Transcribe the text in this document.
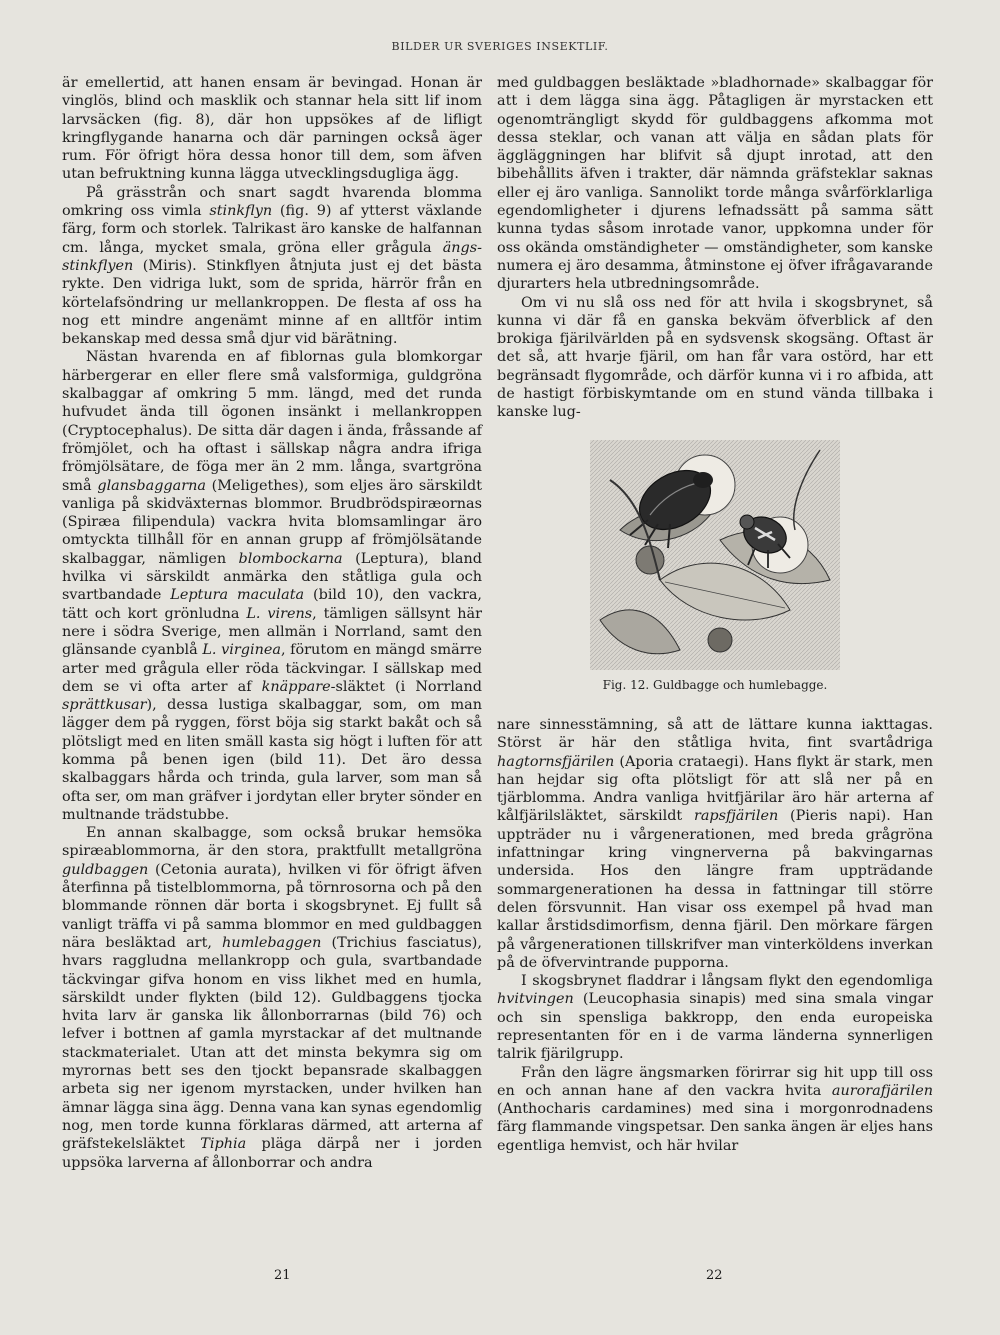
BILDER UR SVERIGES INSEKTLIF.

är emellertid, att hanen ensam är bevingad. Honan är vinglös, blind och masklik och stannar hela sitt lif inom larvsäcken (fig. 8), där hon uppsökes af de lifligt kringflygande hanarna och där parningen också äger rum. För öfrigt höra dessa honor till dem, som äfven utan befruktning kunna lägga utvecklingsdugliga ägg.

På grässtrån och snart sagdt hvarenda blomma omkring oss vimla stinkflyn (fig. 9) af ytterst växlande färg, form och storlek. Talrikast äro kanske de halfannan cm. långa, mycket smala, gröna eller grågula ängs-stinkflyen (Miris). Stinkflyen åtnjuta just ej det bästa rykte. Den vidriga lukt, som de sprida, härrör från en körtelafsöndring ur mellankroppen. De flesta af oss ha nog ett mindre angenämt minne af en alltför intim bekanskap med dessa små djur vid bärätning.

Nästan hvarenda en af fiblornas gula blomkorgar härbergerar en eller flere små valsformiga, guldgröna skalbaggar af omkring 5 mm. längd, med det runda hufvudet ända till ögonen insänkt i mellankroppen (Cryptocephalus). De sitta där dagen i ända, fråssande af frömjölet, och ha oftast i sällskap några andra ifriga frömjölsätare, de föga mer än 2 mm. långa, svartgröna små glansbaggarna (Meligethes), som eljes äro särskildt vanliga på skidväxternas blommor. Brudbrödspiræornas (Spiræa filipendula) vackra hvita blomsamlingar äro omtyckta tillhåll för en annan grupp af frömjölsätande skalbaggar, nämligen blombockarna (Leptura), bland hvilka vi särskildt anmärka den ståtliga gula och svartbandade Leptura maculata (bild 10), den vackra, tätt och kort grönludna L. virens, tämligen sällsynt här nere i södra Sverige, men allmän i Norrland, samt den glänsande cyanblå L. virginea, förutom en mängd smärre arter med grågula eller röda täckvingar. I sällskap med dem se vi ofta arter af knäppare-släktet (i Norrland sprättkusar), dessa lustiga skalbaggar, som, om man lägger dem på ryggen, först böja sig starkt bakåt och så plötsligt med en liten smäll kasta sig högt i luften för att komma på benen igen (bild 11). Det äro dessa skalbaggars hårda och trinda, gula larver, som man så ofta ser, om man gräfver i jordytan eller bryter sönder en multnande trädstubbe.

En annan skalbagge, som också brukar hemsöka spiræablommorna, är den stora, praktfullt metallgröna guldbaggen (Cetonia aurata), hvilken vi för öfrigt äfven återfinna på tistelblommorna, på törnrosorna och på den blommande rönnen där borta i skogsbrynet. Ej fullt så vanligt träffa vi på samma blommor en med guldbaggen nära besläktad art, humlebaggen (Trichius fasciatus), hvars raggludna mellankropp och gula, svartbandade täckvingar gifva honom en viss likhet med en humla, särskildt under flykten (bild 12). Guldbaggens tjocka hvita larv är ganska lik ållonborrarnas (bild 76) och lefver i bottnen af gamla myrstackar af det multnande stackmaterialet. Utan att det minsta bekymra sig om myrornas bett ses den tjockt bepansrade skalbaggen arbeta sig ner igenom myrstacken, under hvilken han ämnar lägga sina ägg. Denna vana kan synas egendomlig nog, men torde kunna förklaras därmed, att arterna af gräfstekelsläktet Tiphia pläga därpå ner i jorden uppsöka larverna af ållonborrar och andra

med guldbaggen besläktade »bladhornade» skalbaggar för att i dem lägga sina ägg. Påtagligen är myrstacken ett ogenomträngligt skydd för guldbaggens afkomma mot dessa steklar, och vanan att välja en sådan plats för äggläggningen har blifvit så djupt inrotad, att den bibehållits äfven i trakter, där nämnda gräfsteklar saknas eller ej äro vanliga. Sannolikt torde många svårförklarliga egendomligheter i djurens lefnadssätt på samma sätt kunna tydas såsom inrotade vanor, uppkomna under för oss okända omständigheter — omständigheter, som kanske numera ej äro desamma, åtminstone ej öfver ifrågavarande djurarters hela utbredningsområde.

Om vi nu slå oss ned för att hvila i skogsbrynet, så kunna vi där få en ganska bekväm öfverblick af den brokiga fjärilvärlden på en sydsvensk skogsäng. Oftast är det så, att hvarje fjäril, om han får vara ostörd, har ett begränsadt flygområde, och därför kunna vi i ro afbida, att de hastigt förbiskymtande om en stund vända tillbaka i kanske lug-

Fig. 12. Guldbagge och humlebagge.

nare sinnesstämning, så att de lättare kunna iakttagas. Störst är här den ståtliga hvita, fint svartådriga hagtornsfjärilen (Aporia crataegi). Hans flykt är stark, men han hejdar sig ofta plötsligt för att slå ner på en tjärblomma. Andra vanliga hvitfjärilar äro här arterna af kålfjärilsläktet, särskildt rapsfjärilen (Pieris napi). Han uppträder nu i vårgenerationen, med breda grågröna infattningar kring vingnerverna på bakvingarnas undersida. Hos den längre fram uppträdande sommargenerationen ha dessa in fattningar till större delen försvunnit. Han visar oss exempel på hvad man kallar årstidsdimorfism, denna fjäril. Den mörkare färgen på vårgenerationen tillskrifver man vinterköldens inverkan på de öfvervintrande pupporna.

I skogsbrynet fladdrar i långsam flykt den egendomliga hvitvingen (Leucophasia sinapis) med sina smala vingar och sin spensliga bakkropp, den enda europeiska representanten för en i de varma länderna synnerligen talrik fjärilgrupp.

Från den lägre ängsmarken förirrar sig hit upp till oss en och annan hane af den vackra hvita aurorafjärilen (Anthocharis cardamines) med sina i morgonrodnadens färg flammande vingspetsar. Den sanka ängen är eljes hans egentliga hemvist, och här hvilar

21	22
